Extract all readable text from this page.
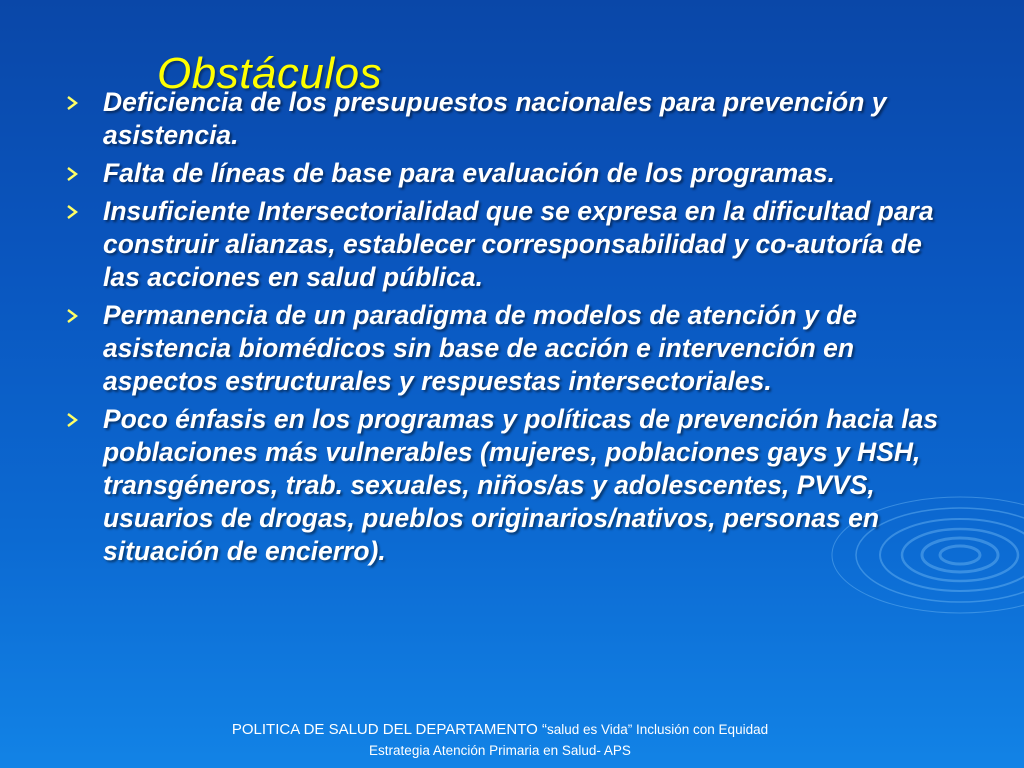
Obstáculos
Deficiencia de los presupuestos nacionales para prevención y asistencia.
Falta de líneas de base para evaluación de los programas.
Insuficiente Intersectorialidad que se expresa en la dificultad para construir alianzas, establecer corresponsabilidad y co-autoría de las acciones en salud pública.
Permanencia de un paradigma de modelos de atención y de asistencia biomédicos sin base de acción e intervención en aspectos estructurales y respuestas intersectoriales.
Poco énfasis en los programas y políticas de prevención hacia las poblaciones más vulnerables (mujeres, poblaciones gays y HSH, transgéneros, trab. sexuales, niños/as y adolescentes, PVVS, usuarios de drogas, pueblos originarios/nativos, personas en situación de encierro).
POLITICA DE SALUD DEL DEPARTAMENTO “salud es Vida” Inclusión con Equidad
Estrategia Atención Primaria en Salud- APS
